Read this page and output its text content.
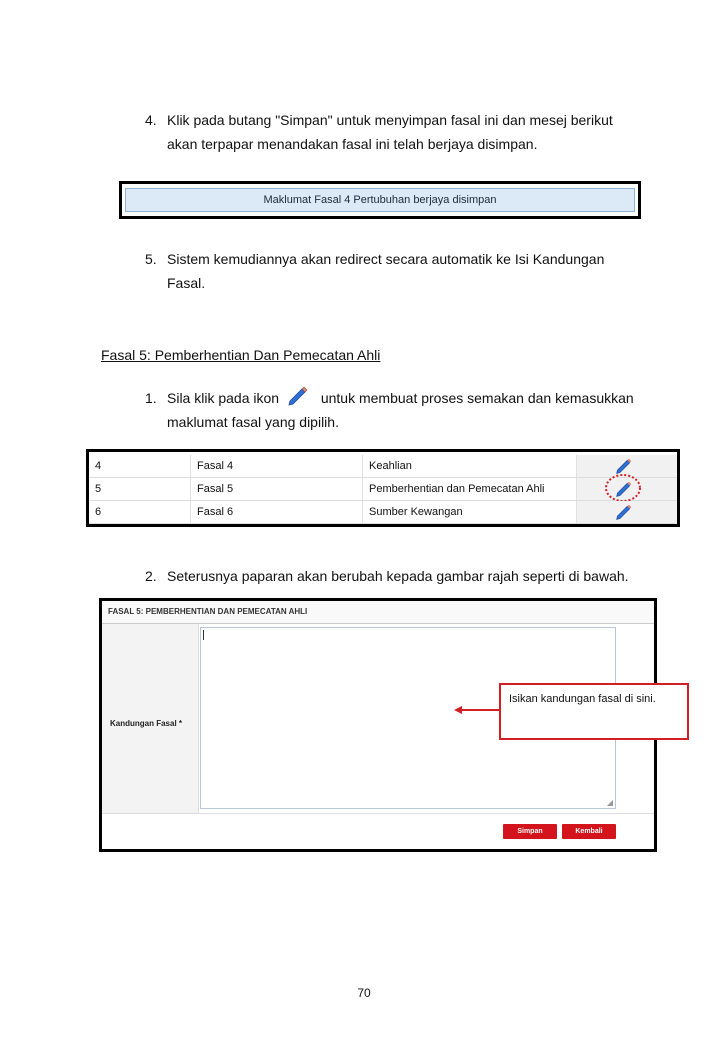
4. Klik pada butang "Simpan" untuk menyimpan fasal ini dan mesej berikut
akan terpapar menandakan fasal ini telah berjaya disimpan.
Maklumat Fasal 4 Pertubuhan berjaya disimpan
5. Sistem kemudiannya akan redirect secara automatik ke Isi Kandungan
Fasal.
Fasal 5: Pemberhentian Dan Pemecatan Ahli
1. Sila klik pada ikon	untuk membuat proses semakan dan kemasukkan
maklumat fasal yang dipilih.
4	Fasal 4	Keahlian
5	Fasal 5	Pemberhentian dan Pemecatan Ahli
6	Fasal 6	Sumber Kewangan
2. Seterusnya paparan akan berubah kepada gambar rajah seperti di bawah.
FASAL 5: PEMBERHENTIAN DAN PEMECATAN AHLI
Kandungan Fasal *
◢
Simpan	Kembali
Isikan kandungan fasal di sini.
70
